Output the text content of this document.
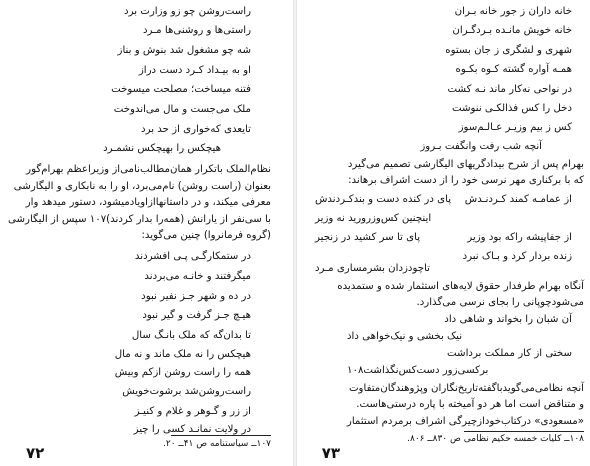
راست‌روشن چو زو وزارت برد
راستی‌ها و روشنی‌ها مـرد
شه چو مشغول شد بنوش و بناز
او به بیـداد کـرد دست دراز
فتنه میساخت؛ مصلحت میسوخت
ملک می‌جست و مال می‌اندوخت
تایعدی که‌خواری از حد برد
هیچکس را بهیچکس نشمـرد
نظام‌الملک باتکرار همان‌مطالب‌نامی‌از وزیراعظم بهرام‌گور
بعنوان (راست روشن) نام‌می‌برد، او را به نابکاری و الیگارشی
معرفی میکند، و در داستانها‌ازاو‌یاد‌میشود، دستور میدهد‌ و‌ار
با سی‌نفر از یارانش (همه‌را بدار کردند)۱۰۷ سپس از الیگارشی
(گروه فرمانروا) چنین می‌گوید:
در ستمکارگـی پـی افشردند
میگرفتند و خانـه می‌بردند
در ده و شهر جـز نفیر نبود
هیـچ جـز گرفت و گیر نبود
تا بدان‌گه که ملک بانـگ سال
هیچکس را نه ملک ماند و نه مال
همه را راست روشن ازکم وبیش
راست‌روشن‌شد برشوت‌خویش
از زر و گـوهر و غلام و کنیـز
در ولایت نمانـد کسی را چیز
۱۰۷ــ سیاستنامه ص ۴۱ــ ۲۰.
۷۲
خانه داران ز جور خانه بـران
خانه خویش مانـده بـردگـران
شهری و لشگری ز جان بستوه
همـه آواره گشته کـوه بکـوه
در نواحی نه‌کار ماند نـه کشت
دخل را کس فذالکـی ننوشت
کس ز بیم وزیـر عـالـم‌سوز
آنچه شب رفت وانگفت بـروز
بهرام پس از شرح بیدادگریهای الیگارشی تصمیم می‌گیرد
که با برکناری مهر نرسی خود را از دست اشراف برهاند:
از عمامـه کمند کـردنـدش
پای در کنده دست و بندکـردندش
اینچنین کس‌وزر‌ورید نه وزیر
از جفاپیشه راکه بود وزیر
پای تا سر کشید در زنجیر
زنده بردار کرد و بـاک نبرد
تاچودزدان بشرمساری مـرد
آنگاه بهرام طرفدار حقوق لایه‌های استثمار شده و ستمدیده
می‌شود‌چوپانی را بجای نرسی می‌گذارد.
آن شبان را بخواند و شاهی داد
نیک بخشی و نیک‌خواهی داد
سختی از کار مملکت برداشت
برکسی‌زور دست‌کس‌نگذاشت۱۰۸
آنچه نظامی‌می‌گوید‌باگفته‌تاریخ‌نگاران و‌پژوهندگان‌متفاوت
و متناقض است اما هر دو آمیخته با پاره درستی‌هاست.
«مسعودی» درکتاب‌خوداز‌چیرگی اشراف بر‌مردم‌ استثمار
۱۰۸ــ کلیات خمسه حکیم نظامی ص ۸۳۰ــ ۸۰۶.
۷۳
